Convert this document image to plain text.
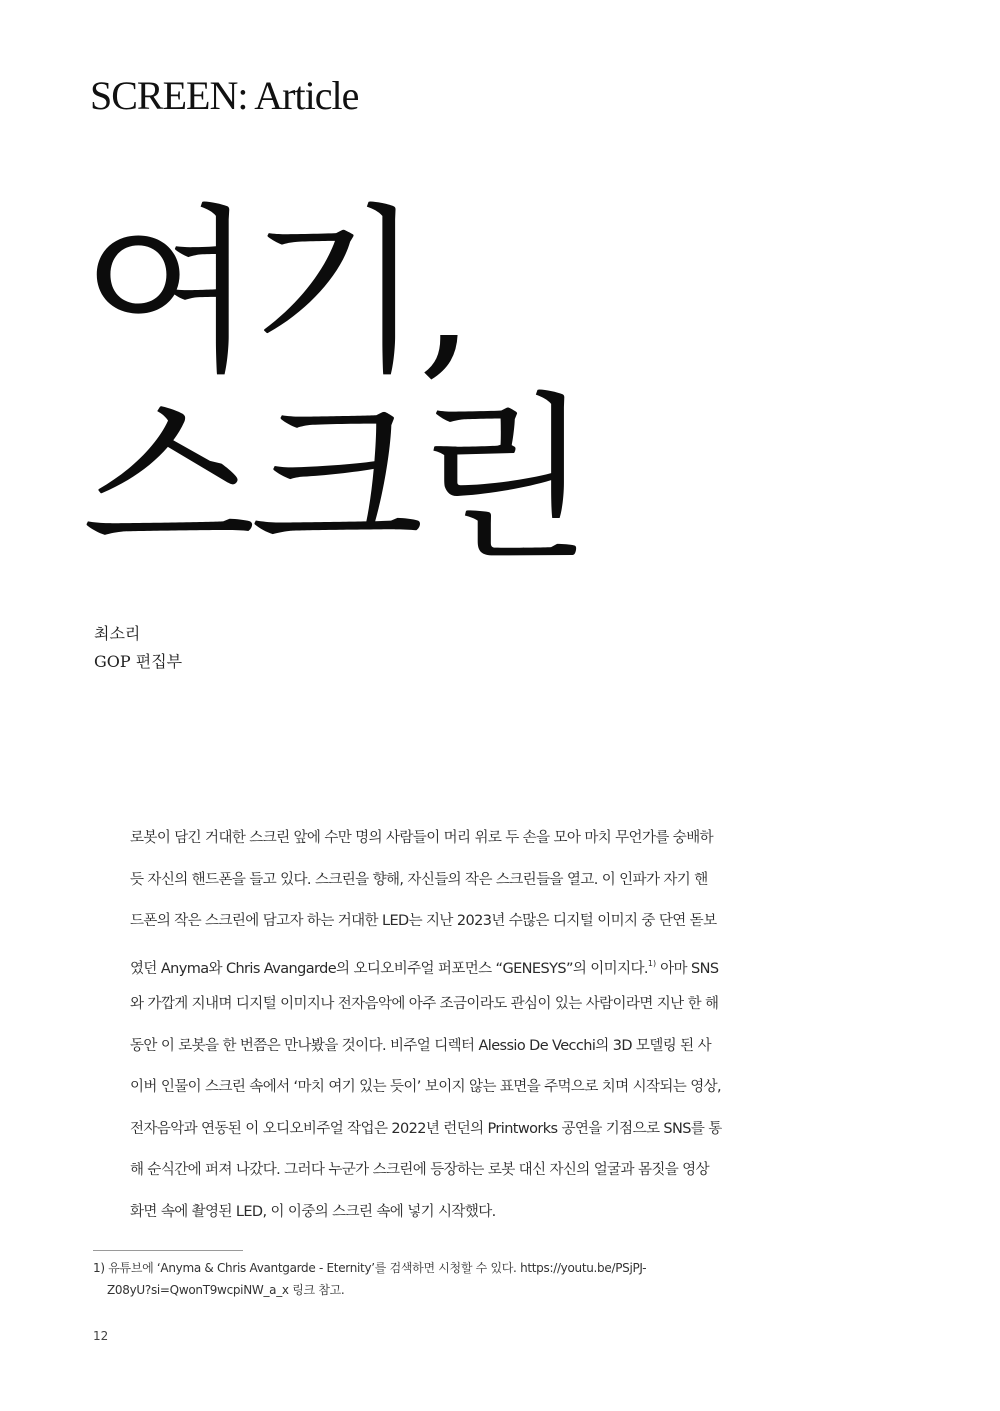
SCREEN: Article
여기,
스크린
최소리
GOP 편집부
로봇이 담긴 거대한 스크린 앞에 수만 명의 사람들이 머리 위로 두 손을 모아 마치 무언가를 숭배하
듯 자신의 핸드폰을 들고 있다. 스크린을 향해, 자신들의 작은 스크린들을 열고. 이 인파가 자기 핸
드폰의 작은 스크린에 담고자 하는 거대한 LED는 지난 2023년 수많은 디지털 이미지 중 단연 돋보
였던 Anyma와 Chris Avangarde의 오디오비주얼 퍼포먼스 “GENESYS”의 이미지다.$^{1)}$ 아마 SNS
와 가깝게 지내며 디지털 이미지나 전자음악에 아주 조금이라도 관심이 있는 사람이라면 지난 한 해
동안 이 로봇을 한 번쯤은 만나봤을 것이다. 비주얼 디렉터 Alessio De Vecchi의 3D 모델링 된 사
이버 인물이 스크린 속에서 ‘마치 여기 있는 듯이’ 보이지 않는 표면을 주먹으로 치며 시작되는 영상,
전자음악과 연동된 이 오디오비주얼 작업은 2022년 런던의 Printworks 공연을 기점으로 SNS를 통
해 순식간에 퍼져 나갔다. 그러다 누군가 스크린에 등장하는 로봇 대신 자신의 얼굴과 몸짓을 영상
화면 속에 촬영된 LED, 이 이중의 스크린 속에 넣기 시작했다.
1) 유튜브에 ‘Anyma & Chris Avantgarde - Eternity’를 검색하면 시청할 수 있다. https://youtu.be/PSjPJ-
Z08yU?si=QwonT9wcpiNW_a_x 링크 참고.
12
